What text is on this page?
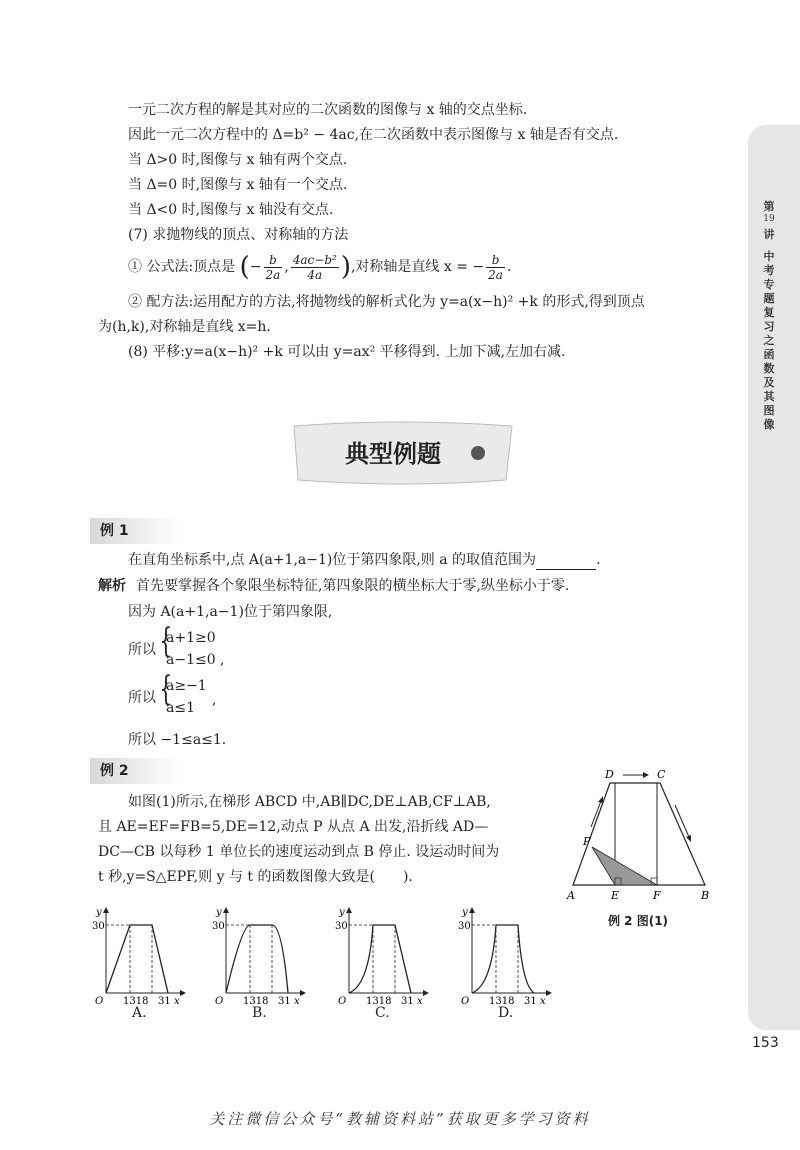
第
19
讲
中考专题复习之函数及其图像
一元二次方程的解是其对应的二次函数的图像与 x 轴的交点坐标.
因此一元二次方程中的 Δ=b² − 4ac,在二次函数中表示图像与 x 轴是否有交点.
当 Δ>0 时,图像与 x 轴有两个交点.
当 Δ=0 时,图像与 x 轴有一个交点.
当 Δ<0 时,图像与 x 轴没有交点.
(7) 求抛物线的顶点、对称轴的方法
① 公式法:顶点是 (− $\frac{b}{2a}$ , $\frac{\text{4ac−b²}}{4a}$ ),对称轴是直线 x = − $\frac{b}{2a}$ .
② 配方法:运用配方的方法,将抛物线的解析式化为 y=a(x−h)² +k 的形式,得到顶点
为(h,k),对称轴是直线 x=h.
(8) 平移:y=a(x−h)² +k 可以由 y=ax² 平移得到. 上加下减,左加右减.
典型例题
例 1
在直角坐标系中,点 A(a+1,a−1)位于第四象限,则 a 的取值范围为	.
解析 首先要掌握各个象限坐标特征,第四象限的横坐标大于零,纵坐标小于零.
因为 A(a+1,a−1)位于第四象限,
所以 {
a+1≥0
a−1≤0 ,
所以 {
a≥−1
a≤1 ,
所以 −1≤a≤1.
例 2
如图(1)所示,在梯形 ABCD 中,AB∥DC,DE⊥AB,CF⊥AB,
且 AE=EF=FB=5,DE=12,动点 P 从点 A 出发,沿折线 AD—
DC—CB 以每秒 1 单位长的速度运动到点 B 停止. 设运动时间为
t 秒,y=S△EPF,则 y 与 t 的函数图像大致是(　　).
D	C
P
A	E	F	B
例 2 图(1)
y
30
O 1318 31 x
A.
y
30
O 1318 31 x
B.
y
30
O 1318 31 x
C.
y
30
O 1318 31 x
D.
153
关注微信公众号“教辅资料站”获取更多学习资料
